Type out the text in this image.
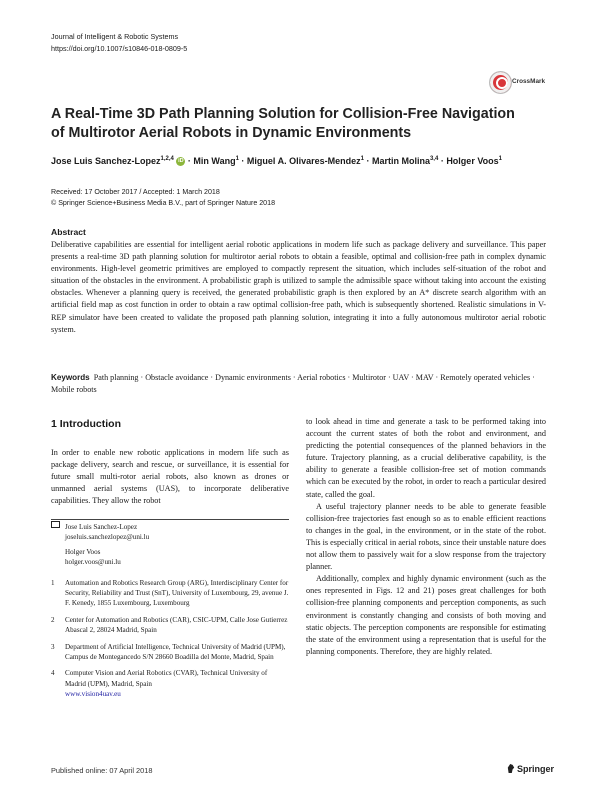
Journal of Intelligent & Robotic Systems
https://doi.org/10.1007/s10846-018-0809-5
CrossMark
A Real-Time 3D Path Planning Solution for Collision-Free Navigation of Multirotor Aerial Robots in Dynamic Environments
Jose Luis Sanchez-Lopez$^{1,2,4}$ iD · Min Wang$^1$ · Miguel A. Olivares-Mendez$^1$ · Martin Molina$^{3,4}$ · Holger Voos$^1$
Received: 17 October 2017 / Accepted: 1 March 2018
© Springer Science+Business Media B.V., part of Springer Nature 2018
Abstract
Deliberative capabilities are essential for intelligent aerial robotic applications in modern life such as package delivery and surveillance. This paper presents a real-time 3D path planning solution for multirotor aerial robots to obtain a feasible, optimal and collision-free path in complex dynamic environments. High-level geometric primitives are employed to compactly represent the situation, which includes self-situation of the robot and situation of the obstacles in the environment. A probabilistic graph is utilized to sample the admissible space without taking into account the existing obstacles. Whenever a planning query is received, the generated probabilistic graph is then explored by an A* discrete search algorithm with an artificial field map as cost function in order to obtain a raw optimal collision-free path, which is subsequently shortened. Realistic simulations in V-REP simulator have been created to validate the proposed path planning solution, integrating it into a fully autonomous multirotor aerial robotic system.
Keywords Path planning · Obstacle avoidance · Dynamic environments · Aerial robotics · Multirotor · UAV · MAV · Remotely operated vehicles · Mobile robots
1 Introduction
In order to enable new robotic applications in modern life such as package delivery, search and rescue, or surveillance, it is essential for future small multi-rotor aerial robots, also known as drones or unmanned aerial systems (UAS), to incorporate deliberative capabilities. They allow the robot

to look ahead in time and generate a task to be performed taking into account the current states of both the robot and environment, and predicting the potential consequences of the planned behaviors in the future. Trajectory planning, as a crucial deliberative capability, is the ability to generate a feasible collision-free set of motion commands which can be executed by the robot, in order to reach a particular desired state, called the goal.

A useful trajectory planner needs to be able to generate feasible collision-free trajectories fast enough so as to enable efficient reactions to changes in the goal, in the environment, or in the state of the robot. This is especially critical in aerial robots, since their unstable nature does not allow them to passively wait for a slow response from the trajectory planner.

Additionally, complex and highly dynamic environment (such as the ones represented in Figs. 12 and 21) poses great challenges for both collision-free planning components and perception components, as such environment is constantly changing and consists of both moving and static objects. The perception components are responsible for estimating the state of the environment using a representation that is useful for the planning components. Therefore, they are highly related.

Jose Luis Sanchez-Lopez
joseluis.sanchezlopez@uni.lu
Holger Voos
holger.voos@uni.lu
1	Automation and Robotics Research Group (ARG), Interdisciplinary Center for Security, Reliability and Trust (SnT), University of Luxembourg, 29, avenue J. F. Kenedy, 1855 Luxembourg, Luxembourg
2	Center for Automation and Robotics (CAR), CSIC-UPM, Calle Jose Gutierrez Abascal 2, 28024 Madrid, Spain
3	Department of Artificial Intelligence, Technical University of Madrid (UPM), Campus de Montegancedo S/N 28660 Boadilla del Monte, Madrid, Spain
4	Computer Vision and Aerial Robotics (CVAR), Technical University of Madrid (UPM), Madrid, Spain
www.vision4uav.eu
Published online: 07 April 2018	Springer
